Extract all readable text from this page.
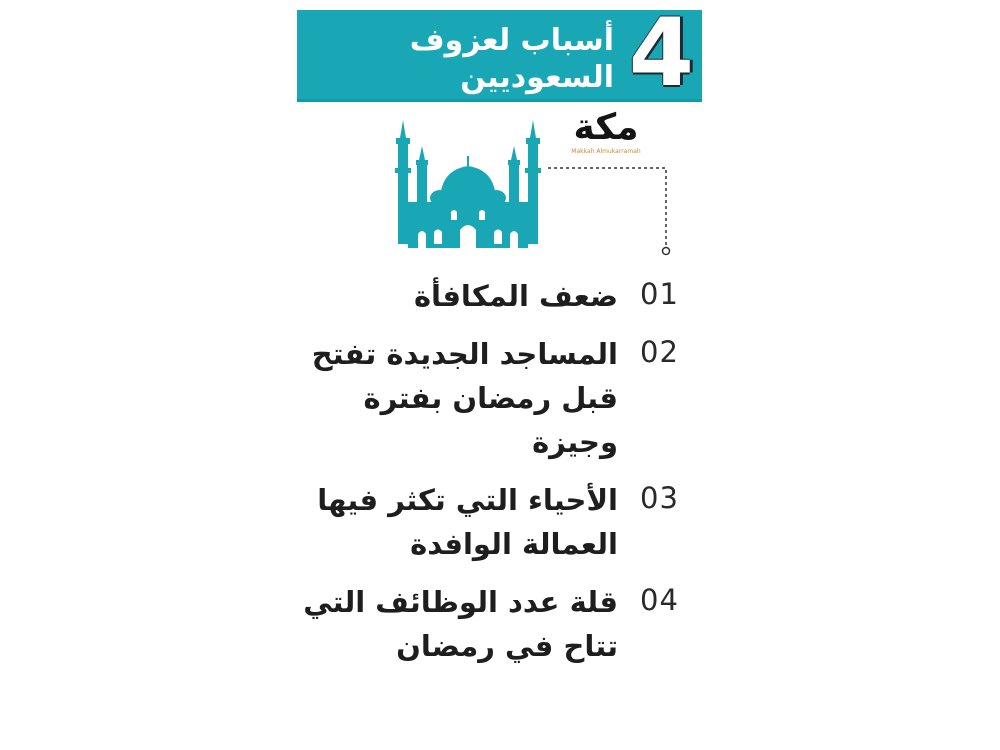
4
أسباب لعزوف
السعوديين
مكة
Makkah Almukarramah
01
ضعف المكافأة
02
المساجد الجديدة تفتح
قبل رمضان بفترة
وجيزة
03
الأحياء التي تكثر فيها
العمالة الوافدة
04
قلة عدد الوظائف التي
تتاح في رمضان
